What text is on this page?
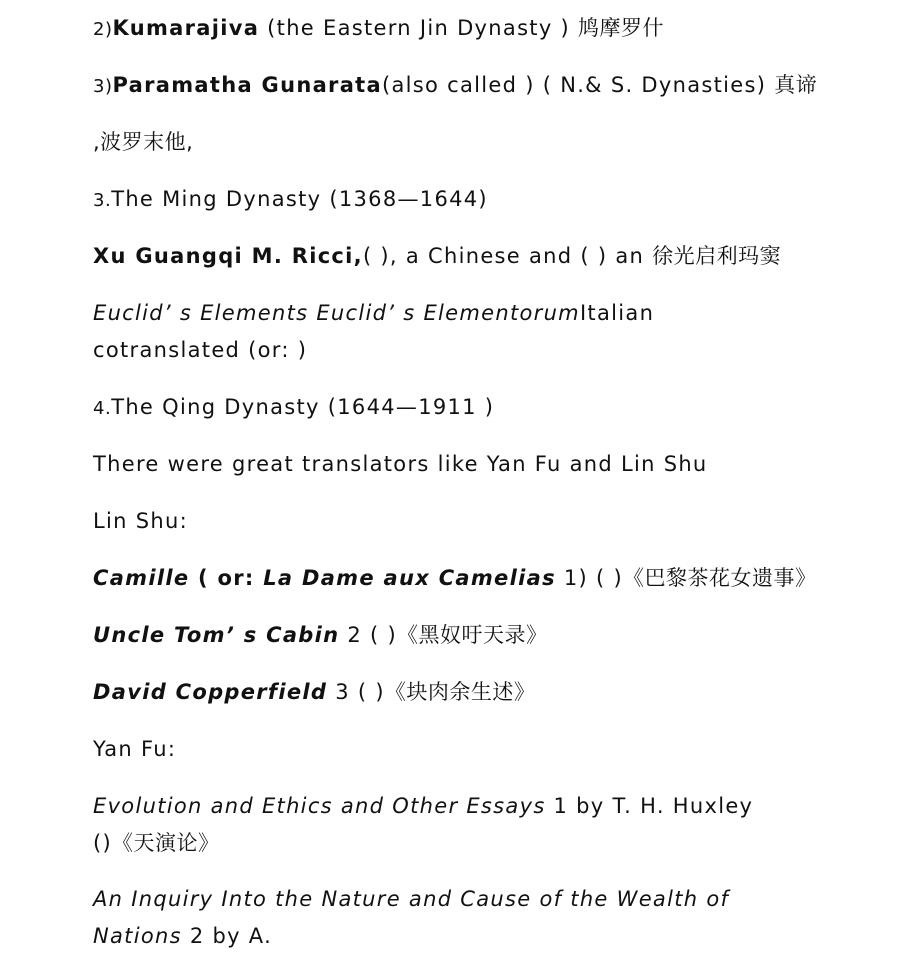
2)Kumarajiva (the Eastern Jin Dynasty ) 鸠摩罗什
3)Paramatha Gunarata(also called ) ( N.& S. Dynasties) 真谛
,波罗末他,
3.The Ming Dynasty (1368—1644)
Xu Guangqi M. Ricci,( ), a Chinese and ( ) an 徐光启利玛窦
Euclid’ s Elements Euclid’ s ElementorumItalian
cotranslated (or: )
4.The Qing Dynasty (1644—1911 )
There were great translators like Yan Fu and Lin Shu
Lin Shu:
Camille ( or: La Dame aux Camelias 1) ( )《巴黎茶花女遗事》
Uncle Tom’ s Cabin 2 ( )《黑奴吁天录》
David Copperfield 3 ( )《块肉余生述》
Yan Fu:
Evolution and Ethics and Other Essays 1 by T. H. Huxley
()《天演论》
An Inquiry Into the Nature and Cause of the Wealth of
Nations 2 by A.
